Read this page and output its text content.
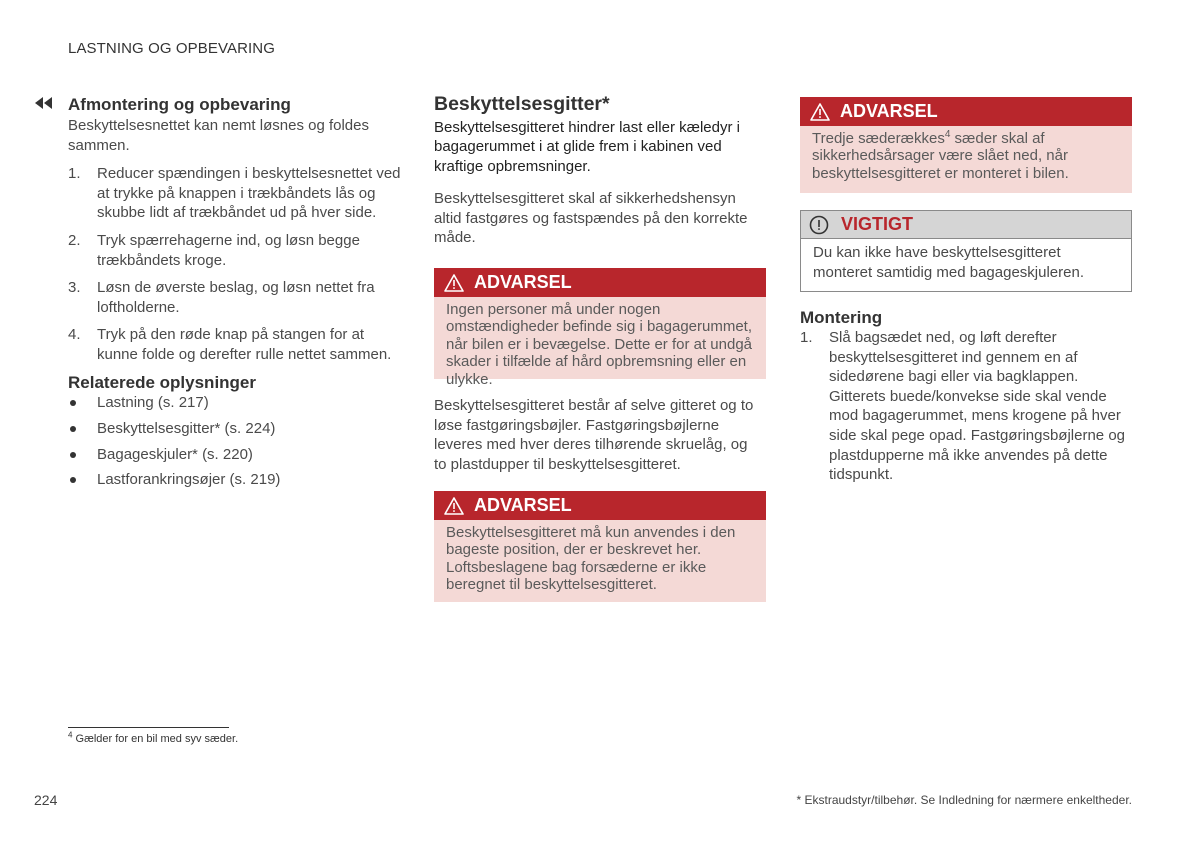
LASTNING OG OPBEVARING
Afmontering og opbevaring

Beskyttelsesnettet kan nemt løsnes og foldes sammen.

1. Reducer spændingen i beskyttelsesnettet ved at trykke på knappen i trækbåndets lås og skubbe lidt af trækbåndet ud på hver side.
2. Tryk spærrehagerne ind, og løsn begge trækbåndets kroge.
3. Løsn de øverste beslag, og løsn nettet fra loftholderne.
4. Tryk på den røde knap på stangen for at kunne folde og derefter rulle nettet sammen.
Relaterede oplysninger
Lastning (s. 217)
Beskyttelsesgitter* (s. 224)
Bagageskjuler* (s. 220)
Lastforankringsøjer (s. 219)
Beskyttelsesgitter*

Beskyttelsesgitteret hindrer last eller kæledyr i bagagerummet i at glide frem i kabinen ved kraftige opbremsninger.

Beskyttelsesgitteret skal af sikkerhedshensyn altid fastgøres og fastspændes på den korrekte måde.

ADVARSEL
Ingen personer må under nogen omstændigheder befinde sig i bagagerummet, når bilen er i bevægelse. Dette er for at undgå skader i tilfælde af hård opbremsning eller en ulykke.

Beskyttelsesgitteret består af selve gitteret og to løse fastgøringsbøjler. Fastgøringsbøjlerne leveres med hver deres tilhørende skruelåg, og to plastdupper til beskyttelsesgitteret.

ADVARSEL
Beskyttelsesgitteret må kun anvendes i den bageste position, der er beskrevet her. Loftsbeslagene bag forsæderne er ikke beregnet til beskyttelsesgitteret.
ADVARSEL
Tredje sæderækkes$^4$ sæder skal af sikkerhedsårsager være slået ned, når beskyttelsesgitteret er monteret i bilen.
VIGTIGT
Du kan ikke have beskyttelsesgitteret monteret samtidig med bagageskjuleren.
Montering
1. Slå bagsædet ned, og løft derefter beskyttelsesgitteret ind gennem en af sidedørene bagi eller via bagklappen. Gitterets buede/konvekse side skal vende mod bagagerummet, mens krogene på hver side skal pege opad. Fastgøringsbøjlerne og plastdupperne må ikke anvendes på dette tidspunkt.
$^4$ Gælder for en bil med syv sæder.
224	* Ekstraudstyr/tilbehør. Se Indledning for nærmere enkeltheder.
